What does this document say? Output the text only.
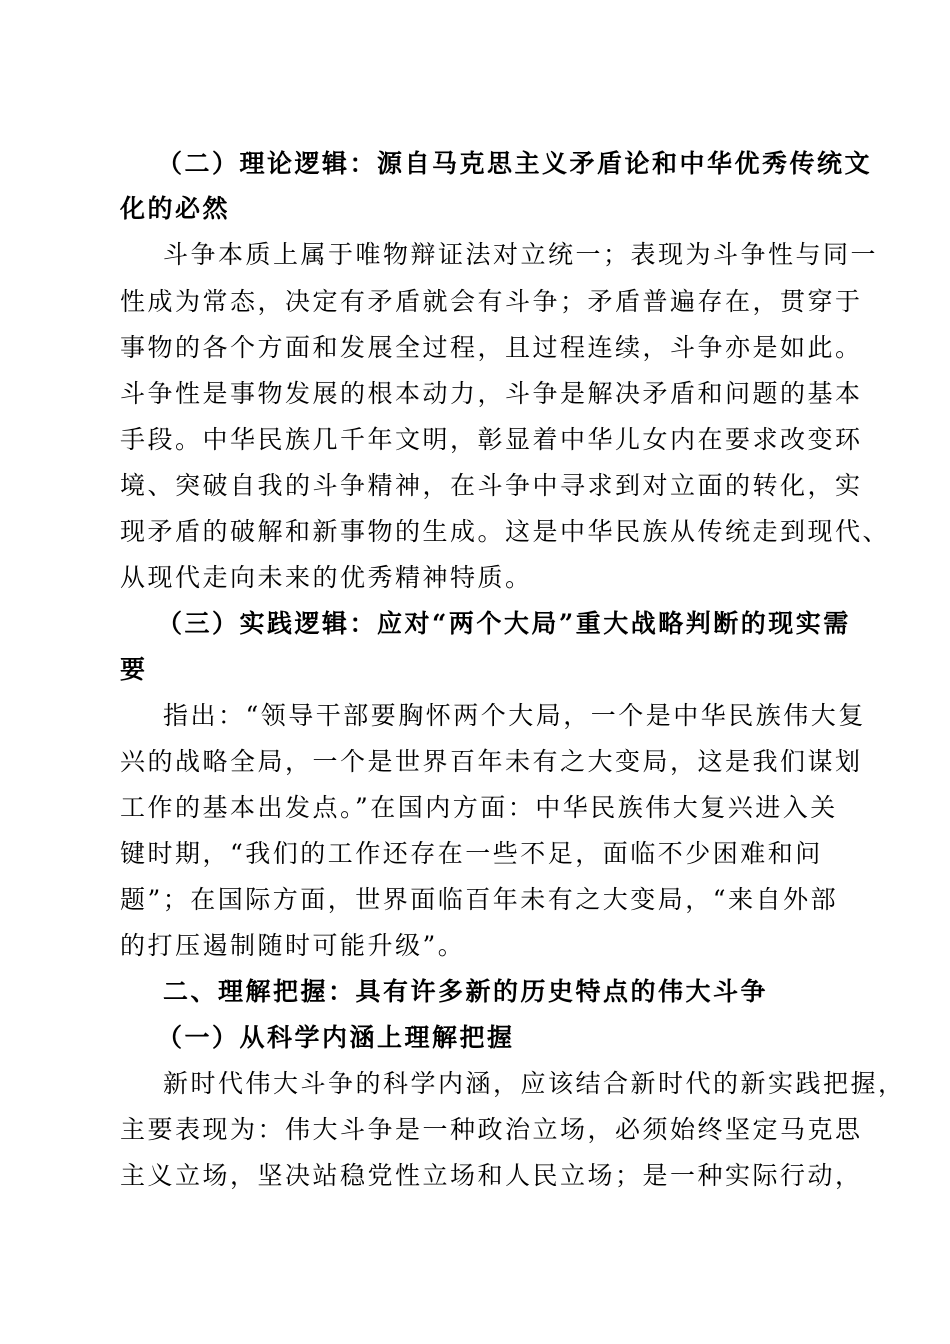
（二）理论逻辑：源自马克思主义矛盾论和中华优秀传统文
化的必然
斗争本质上属于唯物辩证法对立统一；表现为斗争性与同一
性成为常态，决定有矛盾就会有斗争；矛盾普遍存在，贯穿于
事物的各个方面和发展全过程，且过程连续，斗争亦是如此。
斗争性是事物发展的根本动力，斗争是解决矛盾和问题的基本
手段。中华民族几千年文明，彰显着中华儿女内在要求改变环
境、突破自我的斗争精神，在斗争中寻求到对立面的转化，实
现矛盾的破解和新事物的生成。这是中华民族从传统走到现代、
从现代走向未来的优秀精神特质。
（三）实践逻辑：应对“两个大局”重大战略判断的现实需
要
指出：“领导干部要胸怀两个大局，一个是中华民族伟大复
兴的战略全局，一个是世界百年未有之大变局，这是我们谋划
工作的基本出发点。”在国内方面：中华民族伟大复兴进入关
键时期，“我们的工作还存在一些不足，面临不少困难和问
题”；在国际方面，世界面临百年未有之大变局，“来自外部
的打压遏制随时可能升级”。
二、理解把握：具有许多新的历史特点的伟大斗争
（一）从科学内涵上理解把握
新时代伟大斗争的科学内涵，应该结合新时代的新实践把握，
主要表现为：伟大斗争是一种政治立场，必须始终坚定马克思
主义立场，坚决站稳党性立场和人民立场；是一种实际行动，
